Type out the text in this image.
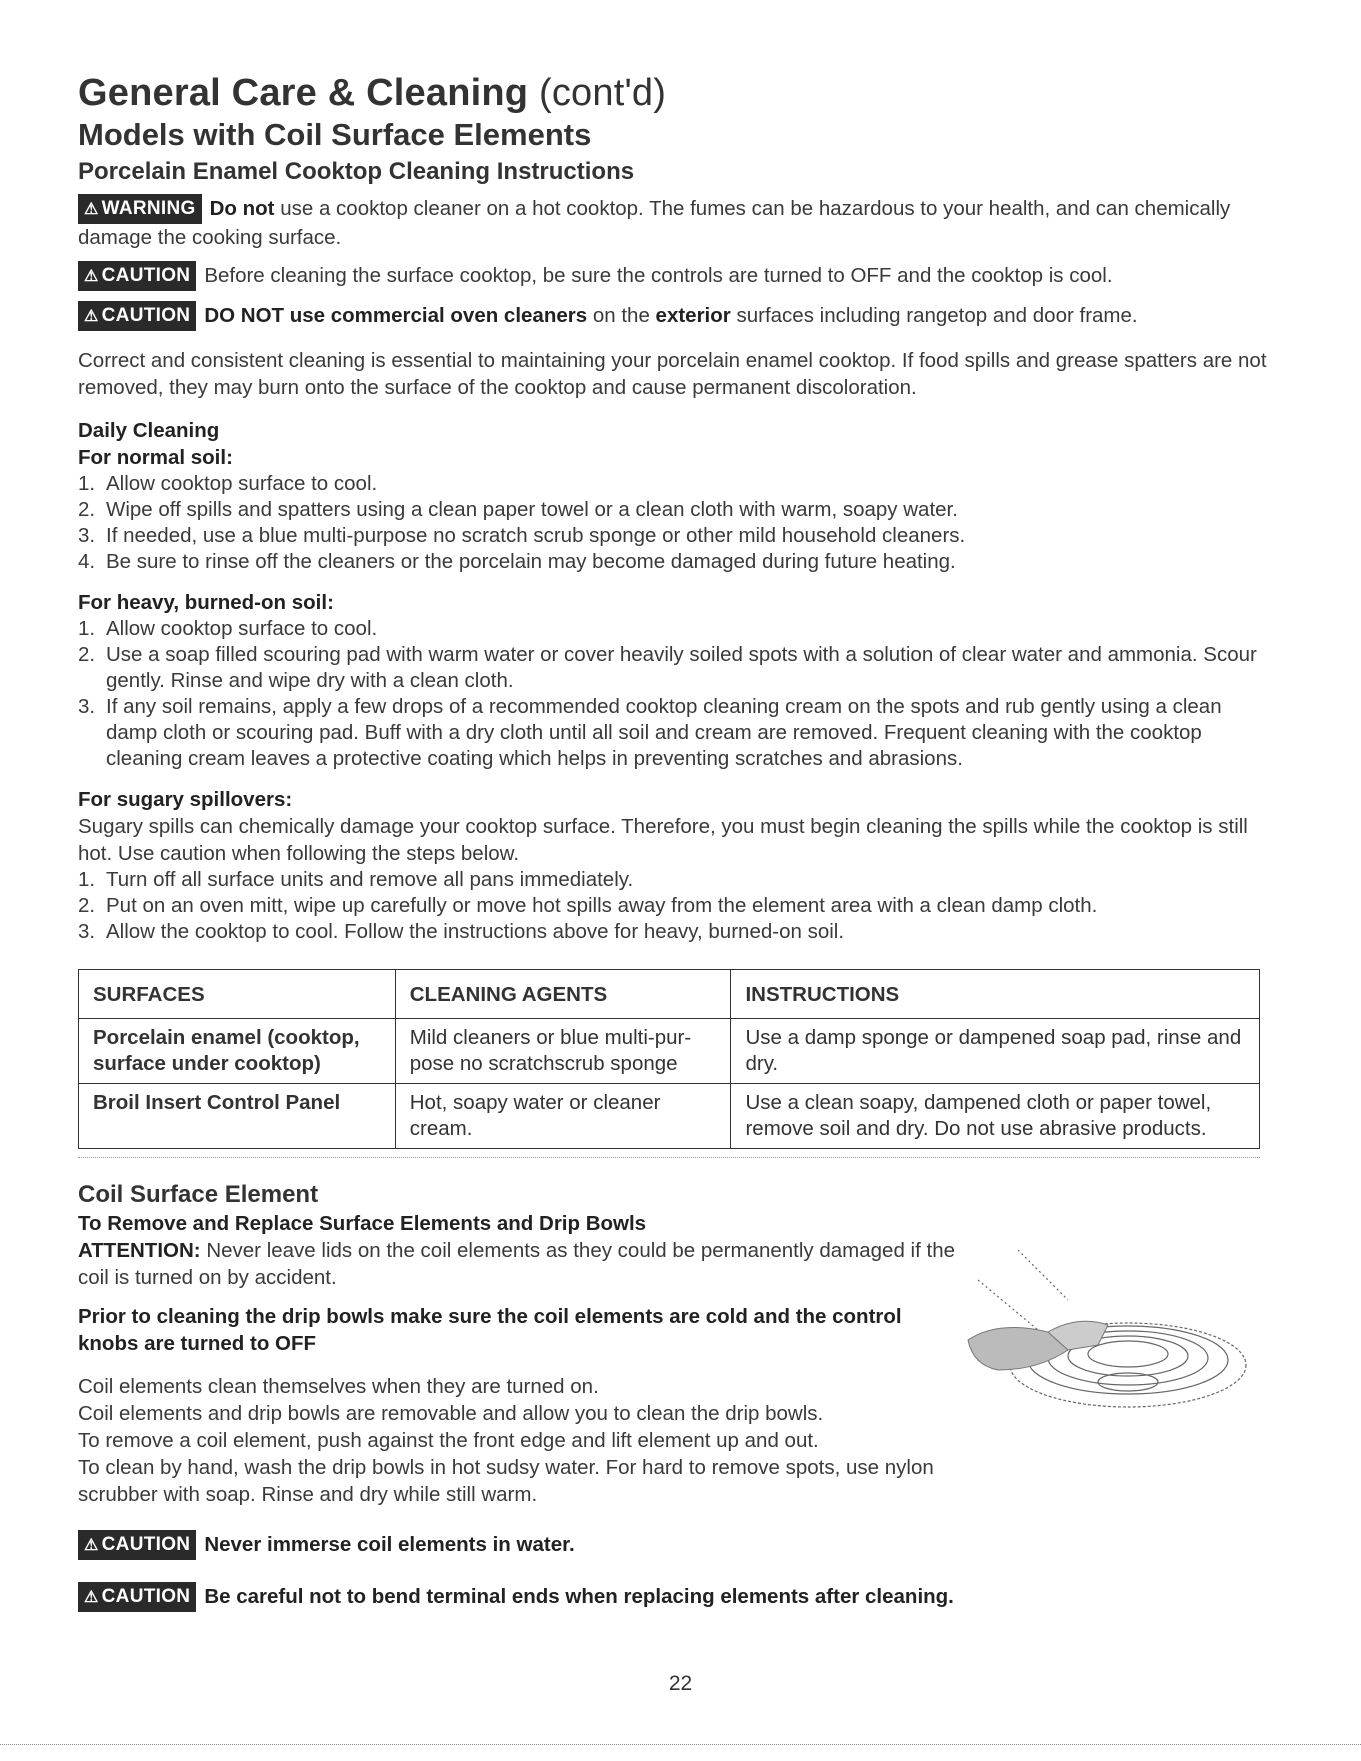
General Care & Cleaning (cont'd)
Models with Coil Surface Elements
Porcelain Enamel Cooktop Cleaning Instructions

⚠ WARNING Do not use a cooktop cleaner on a hot cooktop. The fumes can be hazardous to your health, and can chemically damage the cooking surface.

⚠ CAUTION Before cleaning the surface cooktop, be sure the controls are turned to OFF and the cooktop is cool.

⚠ CAUTION DO NOT use commercial oven cleaners on the exterior surfaces including rangetop and door frame.

Correct and consistent cleaning is essential to maintaining your porcelain enamel cooktop. If food spills and grease spatters are not removed, they may burn onto the surface of the cooktop and cause permanent discoloration.

Daily Cleaning
For normal soil:
1. Allow cooktop surface to cool.
2. Wipe off spills and spatters using a clean paper towel or a clean cloth with warm, soapy water.
3. If needed, use a blue multi-purpose no scratch scrub sponge or other mild household cleaners.
4. Be sure to rinse off the cleaners or the porcelain may become damaged during future heating.
For heavy, burned-on soil:
1. Allow cooktop surface to cool.
2. Use a soap filled scouring pad with warm water or cover heavily soiled spots with a solution of clear water and ammonia. Scour gently. Rinse and wipe dry with a clean cloth.
3. If any soil remains, apply a few drops of a recommended cooktop cleaning cream on the spots and rub gently using a clean damp cloth or scouring pad. Buff with a dry cloth until all soil and cream are removed. Frequent cleaning with the cooktop cleaning cream leaves a protective coating which helps in preventing scratches and abrasions.
For sugary spillovers:

Sugary spills can chemically damage your cooktop surface. Therefore, you must begin cleaning the spills while the cooktop is still hot. Use caution when following the steps below.

1. Turn off all surface units and remove all pans immediately.
2. Put on an oven mitt, wipe up carefully or move hot spills away from the element area with a clean damp cloth.
3. Allow the cooktop to cool. Follow the instructions above for heavy, burned-on soil.
SURFACES	CLEANING AGENTS	INSTRUCTIONS
Porcelain enamel (cooktop, surface under cooktop)	Mild cleaners or blue multi-pur-pose no scratchscrub sponge	Use a damp sponge or dampened soap pad, rinse and dry.
Broil Insert Control Panel	Hot, soapy water or cleaner cream.	Use a clean soapy, dampened cloth or paper towel, remove soil and dry. Do not use abrasive products.
Coil Surface Element
To Remove and Replace Surface Elements and Drip Bowls

ATTENTION: Never leave lids on the coil elements as they could be permanently damaged if the coil is turned on by accident.

Prior to cleaning the drip bowls make sure the coil elements are cold and the control knobs are turned to OFF

Coil elements clean themselves when they are turned on.

Coil elements and drip bowls are removable and allow you to clean the drip bowls.

To remove a coil element, push against the front edge and lift element up and out.

To clean by hand, wash the drip bowls in hot sudsy water. For hard to remove spots, use nylon scrubber with soap. Rinse and dry while still warm.

⚠ CAUTION Never immerse coil elements in water.

⚠ CAUTION Be careful not to bend terminal ends when replacing elements after cleaning.

22
